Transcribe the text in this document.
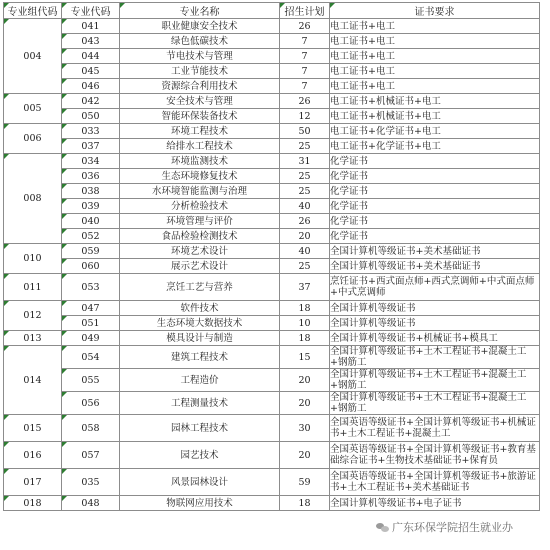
专业组代码	专业代码	专业名称	招生计划	证书要求
004	041	职业健康安全技术	26	电工证书+电工
	043	绿色低碳技术	7	电工证书+电工
	044	节电技术与管理	7	电工证书+电工
	045	工业节能技术	7	电工证书+电工
	046	资源综合利用技术	7	电工证书+电工
005	042	安全技术与管理	26	电工证书+机械证书+电工
	050	智能环保装备技术	12	电工证书+机械证书+电工
006	033	环境工程技术	50	电工证书+化学证书+电工
	037	给排水工程技术	25	电工证书+化学证书+电工
008	034	环境监测技术	31	化学证书
	036	生态环境修复技术	25	化学证书
	038	水环境智能监测与治理	25	化学证书
	039	分析检验技术	40	化学证书
	040	环境管理与评价	26	化学证书
	052	食品检验检测技术	20	化学证书
010	059	环境艺术设计	40	全国计算机等级证书+美术基础证书
	060	展示艺术设计	25	全国计算机等级证书+美术基础证书
011	053	烹饪工艺与营养	37	烹饪证书+西式面点师+西式烹调师+中式面点师+中式烹调师
012	047	软件技术	18	全国计算机等级证书
	051	生态环境大数据技术	10	全国计算机等级证书
013	049	模具设计与制造	18	全国计算机等级证书+机械证书+模具工
014	054	建筑工程技术	15	全国计算机等级证书+土木工程证书+混凝土工+钢筋工
	055	工程造价	20	全国计算机等级证书+土木工程证书+混凝土工+钢筋工
	056	工程测量技术	20	全国计算机等级证书+土木工程证书+混凝土工+钢筋工
015	058	园林工程技术	30	全国英语等级证书+全国计算机等级证书+机械证书+土木工程证书+混凝土工
016	057	园艺技术	20	全国英语等级证书+全国计算机等级证书+教育基础综合证书+生物技术基础证书+保育员
017	035	风景园林设计	59	全国英语等级证书+全国计算机等级证书+旅游证书+土木工程证书+美术基础证书
018	048	物联网应用技术	18	全国计算机等级证书+电子证书
广东环保学院招生就业办
